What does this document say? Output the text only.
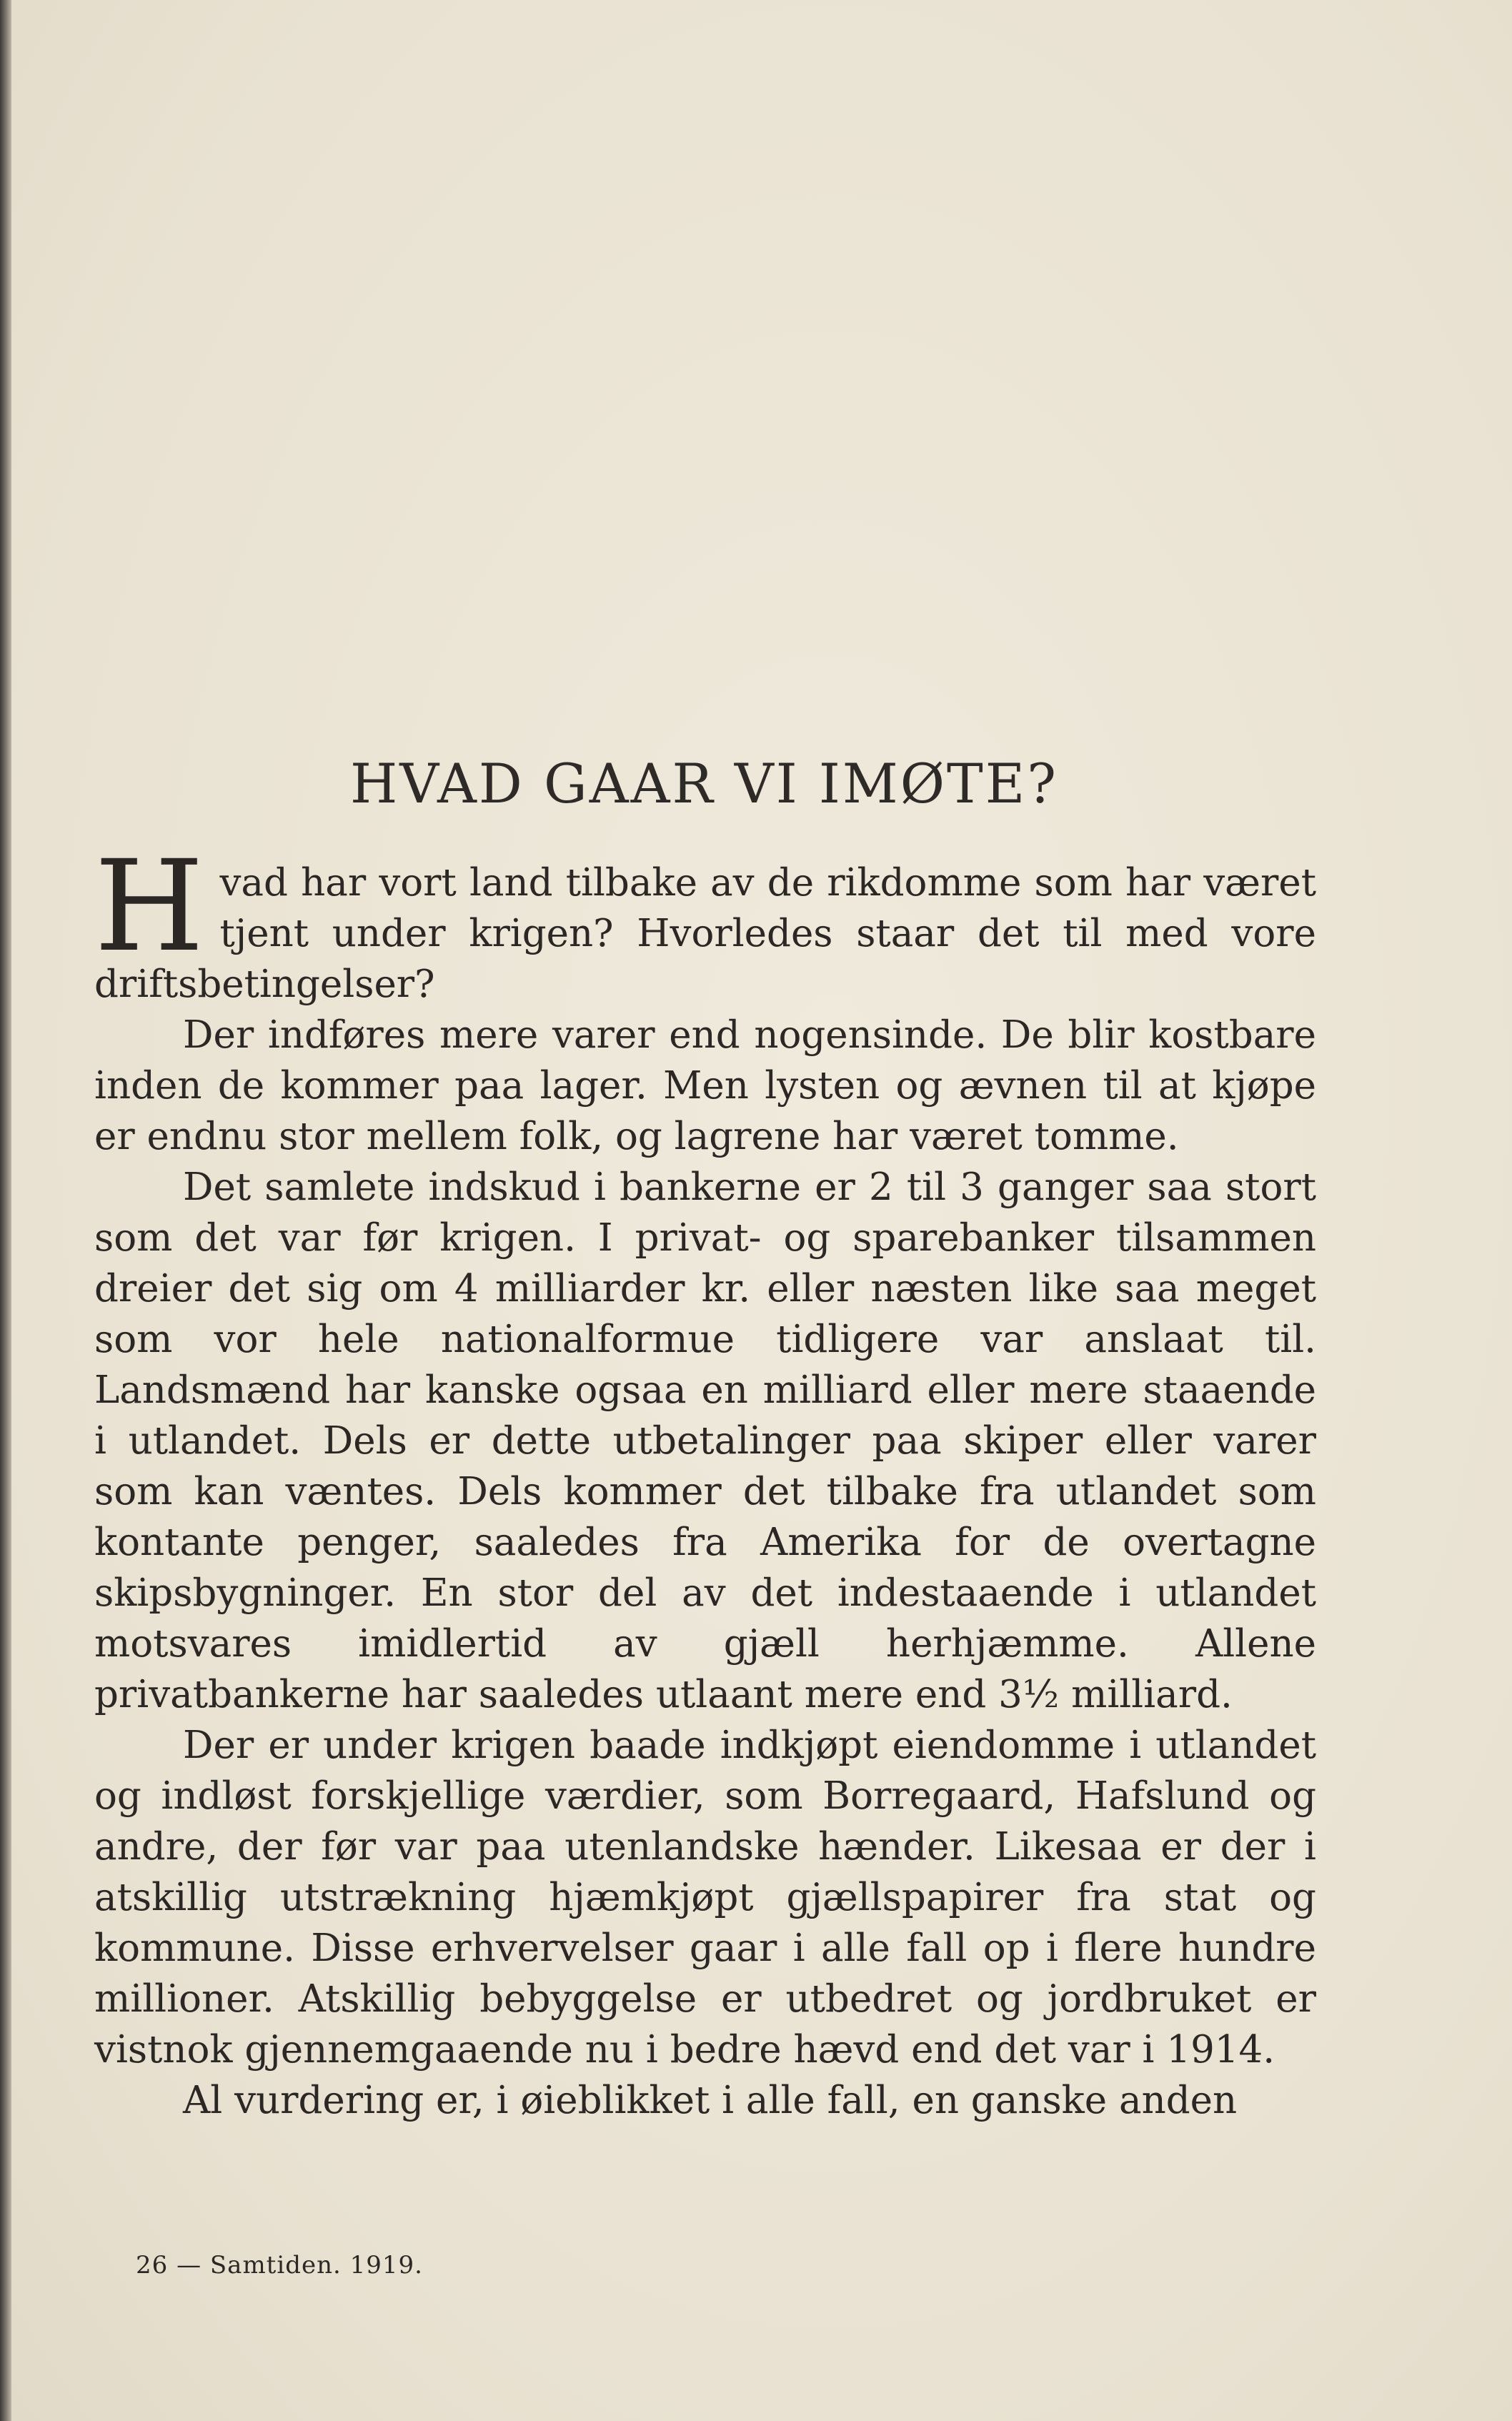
HVAD GAAR VI IMØTE?

Hvad har vort land tilbake av de rikdomme som har været tjent under krigen? Hvorledes staar det til med vore driftsbetingelser?

Der indføres mere varer end nogensinde. De blir kostbare inden de kommer paa lager. Men lysten og ævnen til at kjøpe er endnu stor mellem folk, og lagrene har været tomme.

Det samlete indskud i bankerne er 2 til 3 ganger saa stort som det var før krigen. I privat- og sparebanker tilsammen dreier det sig om 4 milliarder kr. eller næsten like saa meget som vor hele nationalformue tidligere var anslaat til. Landsmænd har kanske ogsaa en milliard eller mere staaende i utlandet. Dels er dette utbetalinger paa skiper eller varer som kan væntes. Dels kommer det tilbake fra utlandet som kontante penger, saaledes fra Amerika for de overtagne skipsbygninger. En stor del av det indestaaende i utlandet motsvares imidlertid av gjæll herhjæmme. Allene privatbankerne har saaledes utlaant mere end 3½ milliard.

Der er under krigen baade indkjøpt eiendomme i utlandet og indløst forskjellige værdier, som Borregaard, Hafslund og andre, der før var paa utenlandske hænder. Likesaa er der i atskillig utstrækning hjæmkjøpt gjællspapirer fra stat og kommune. Disse erhvervelser gaar i alle fall op i flere hundre millioner. Atskillig bebyggelse er utbedret og jordbruket er vistnok gjennemgaaende nu i bedre hævd end det var i 1914.

Al vurdering er, i øieblikket i alle fall, en ganske anden

26 — Samtiden. 1919.
